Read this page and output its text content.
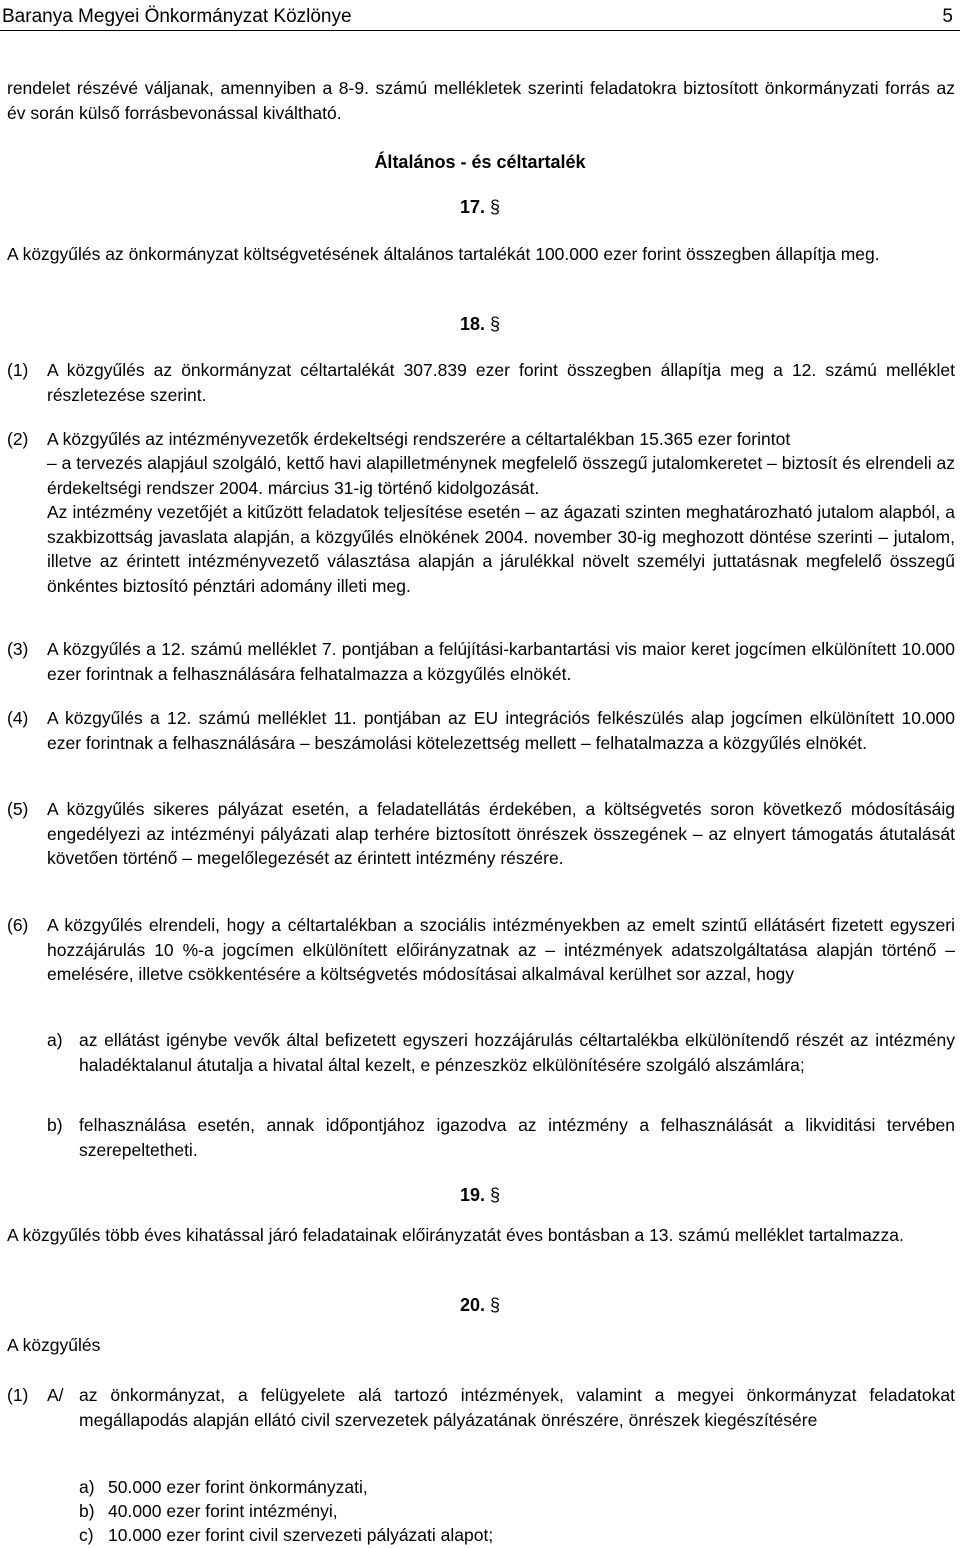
Baranya Megyei Önkormányzat Közlönye	5
rendelet részévé váljanak, amennyiben a 8-9. számú mellékletek szerinti feladatokra biztosított önkormányzati forrás az év során külső forrásbevonással kiváltható.
Általános - és céltartalék
17. §
A közgyűlés az önkormányzat költségvetésének általános tartalékát 100.000 ezer forint összegben állapítja meg.
18. §
(1) A közgyűlés az önkormányzat céltartalékát 307.839 ezer forint összegben állapítja meg a 12. számú melléklet részletezése szerint.
(2) A közgyűlés az intézményvezetők érdekeltségi rendszerére a céltartalékban 15.365 ezer forintot
– a tervezés alapjául szolgáló, kettő havi alapilletménynek megfelelő összegű jutalomkeretet – biztosít és elrendeli az érdekeltségi rendszer 2004. március 31-ig történő kidolgozását.
Az intézmény vezetőjét a kitűzött feladatok teljesítése esetén – az ágazati szinten meghatározható jutalom alapból, a szakbizottság javaslata alapján, a közgyűlés elnökének 2004. november 30-ig meghozott döntése szerinti – jutalom, illetve az érintett intézményvezető választása alapján a járulékkal növelt személyi juttatásnak megfelelő összegű önkéntes biztosító pénztári adomány illeti meg.
(3) A közgyűlés a 12. számú melléklet 7. pontjában a felújítási-karbantartási vis maior keret jogcímen elkülönített 10.000 ezer forintnak a felhasználására felhatalmazza a közgyűlés elnökét.
(4) A közgyűlés a 12. számú melléklet 11. pontjában az EU integrációs felkészülés alap jogcímen elkülönített 10.000 ezer forintnak a felhasználására – beszámolási kötelezettség mellett – felhatalmazza a közgyűlés elnökét.
(5) A közgyűlés sikeres pályázat esetén, a feladatellátás érdekében, a költségvetés soron következő módosításáig engedélyezi az intézményi pályázati alap terhére biztosított önrészek összegének – az elnyert támogatás átutalását követően történő – megelőlegezését az érintett intézmény részére.
(6) A közgyűlés elrendeli, hogy a céltartalékban a szociális intézményekben az emelt szintű ellátásért fizetett egyszeri hozzájárulás 10 %-a jogcímen elkülönített előirányzatnak az – intézmények adatszolgáltatása alapján történő – emelésére, illetve csökkentésére a költségvetés módosításai alkalmával kerülhet sor azzal, hogy
a) az ellátást igénybe vevők által befizetett egyszeri hozzájárulás céltartalékba elkülönítendő részét az intézmény haladéktalanul átutalja a hivatal által kezelt, e pénzeszköz elkülönítésére szolgáló alszámlára;
b) felhasználása esetén, annak időpontjához igazodva az intézmény a felhasználását a likviditási tervében szerepeltetheti.
19. §
A közgyűlés több éves kihatással járó feladatainak előirányzatát éves bontásban a 13. számú melléklet tartalmazza.
20. §
A közgyűlés
(1) A/ az önkormányzat, a felügyelete alá tartozó intézmények, valamint a megyei önkormányzat feladatokat megállapodás alapján ellátó civil szervezetek pályázatának önrészére, önrészek kiegészítésére
a) 50.000 ezer forint önkormányzati,
b) 40.000 ezer forint intézményi,
c) 10.000 ezer forint civil szervezeti pályázati alapot;
